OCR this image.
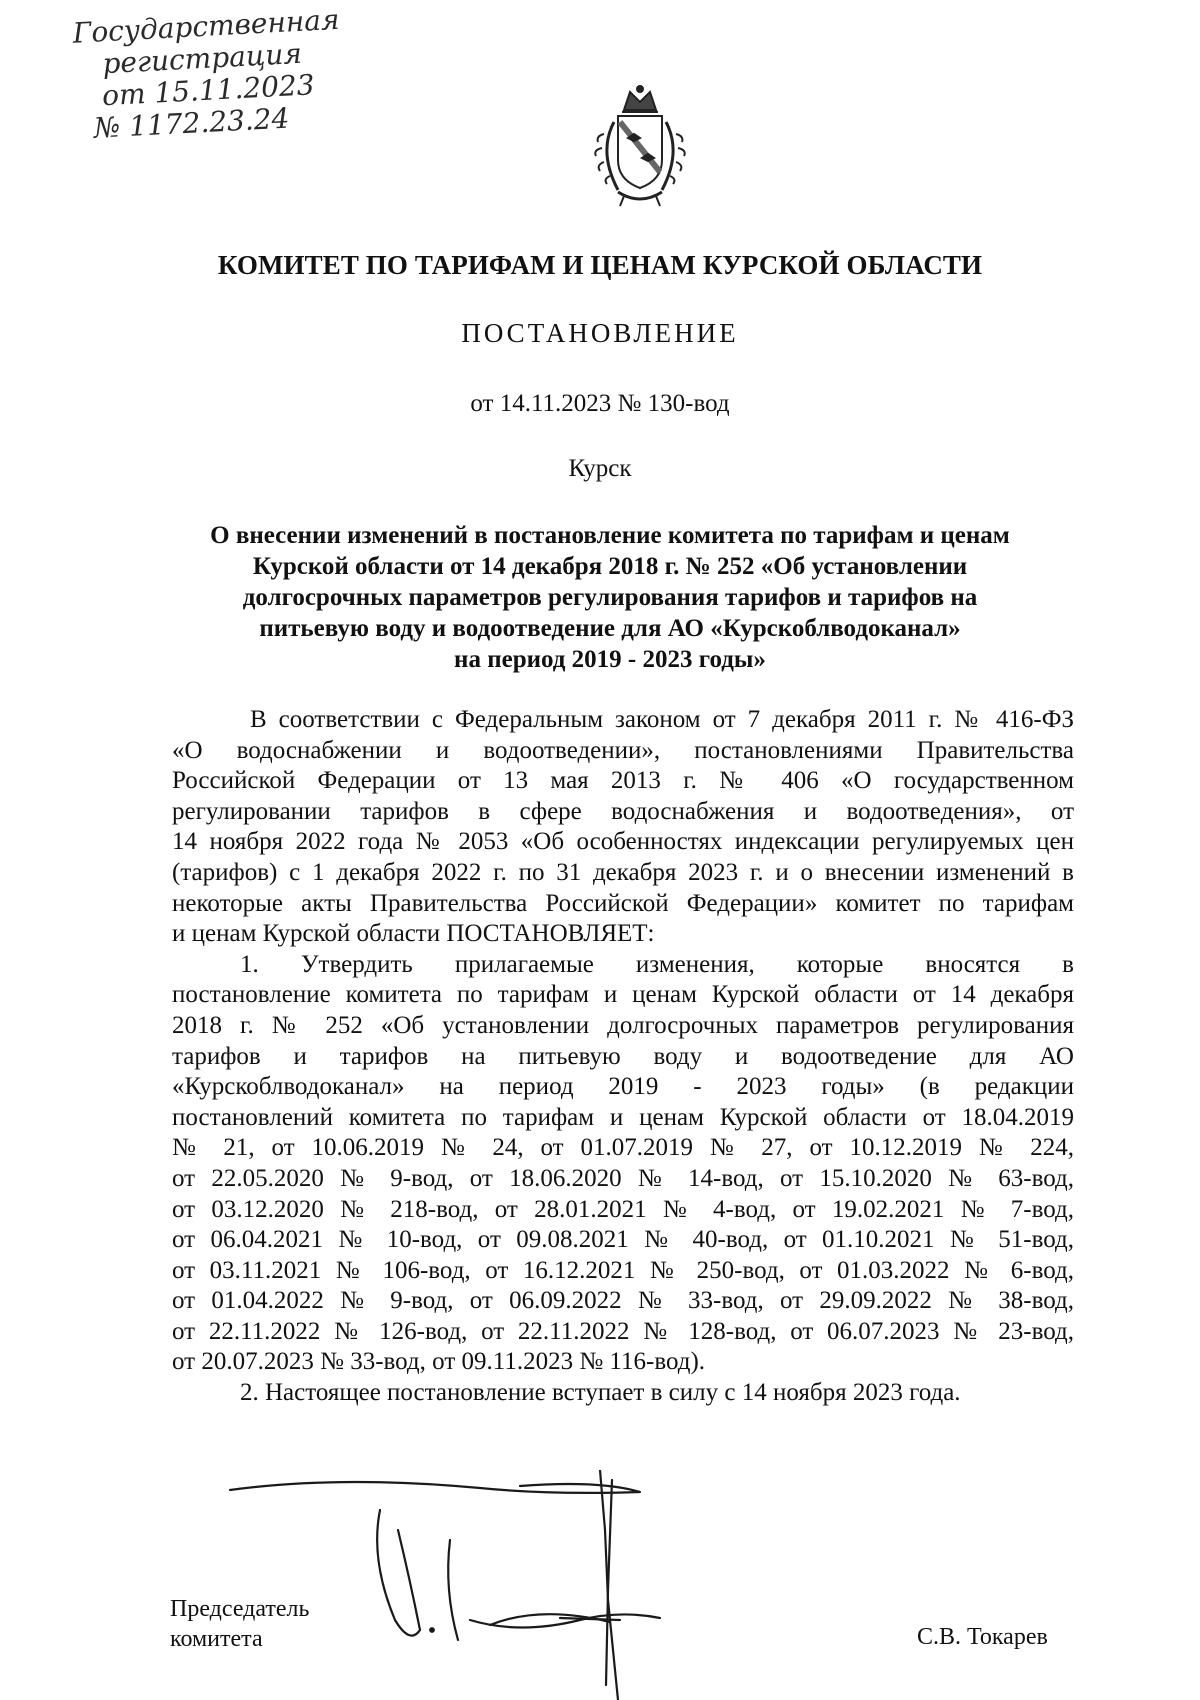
Государственная
регистрация
от 15.11.2023
№ 1172.23.24
КОМИТЕТ ПО ТАРИФАМ И ЦЕНАМ КУРСКОЙ ОБЛАСТИ
ПОСТАНОВЛЕНИЕ
от 14.11.2023 № 130-вод
Курск
О внесении изменений в постановление комитета по тарифам и ценам
Курской области от 14 декабря 2018 г. № 252 «Об установлении
долгосрочных параметров регулирования тарифов и тарифов на
питьевую воду и водоотведение для АО «Курскоблводоканал»
на период 2019 - 2023 годы»
В соответствии с Федеральным законом от 7 декабря 2011 г. № 416-ФЗ
«О водоснабжении и водоотведении», постановлениями Правительства
Российской Федерации от 13 мая 2013 г. № 406 «О государственном
регулировании тарифов в сфере водоснабжения и водоотведения», от
14 ноября 2022 года № 2053 «Об особенностях индексации регулируемых цен
(тарифов) с 1 декабря 2022 г. по 31 декабря 2023 г. и о внесении изменений в
некоторые акты Правительства Российской Федерации» комитет по тарифам
и ценам Курской области ПОСТАНОВЛЯЕТ:
1. Утвердить прилагаемые изменения, которые вносятся в
постановление комитета по тарифам и ценам Курской области от 14 декабря
2018 г. № 252 «Об установлении долгосрочных параметров регулирования
тарифов и тарифов на питьевую воду и водоотведение для АО
«Курскоблводоканал» на период 2019 - 2023 годы» (в редакции
постановлений комитета по тарифам и ценам Курской области от 18.04.2019
№ 21, от 10.06.2019 № 24, от 01.07.2019 № 27, от 10.12.2019 № 224,
от 22.05.2020 № 9-вод, от 18.06.2020 № 14-вод, от 15.10.2020 № 63-вод,
от 03.12.2020 № 218-вод, от 28.01.2021 № 4-вод, от 19.02.2021 № 7-вод,
от 06.04.2021 № 10-вод, от 09.08.2021 № 40-вод, от 01.10.2021 № 51-вод,
от 03.11.2021 № 106-вод, от 16.12.2021 № 250-вод, от 01.03.2022 № 6-вод,
от 01.04.2022 № 9-вод, от 06.09.2022 № 33-вод, от 29.09.2022 № 38-вод,
от 22.11.2022 № 126-вод, от 22.11.2022 № 128-вод, от 06.07.2023 № 23-вод,
от 20.07.2023 № 33-вод, от 09.11.2023 № 116-вод).
2. Настоящее постановление вступает в силу с 14 ноября 2023 года.
Председатель
комитета	С.В. Токарев
